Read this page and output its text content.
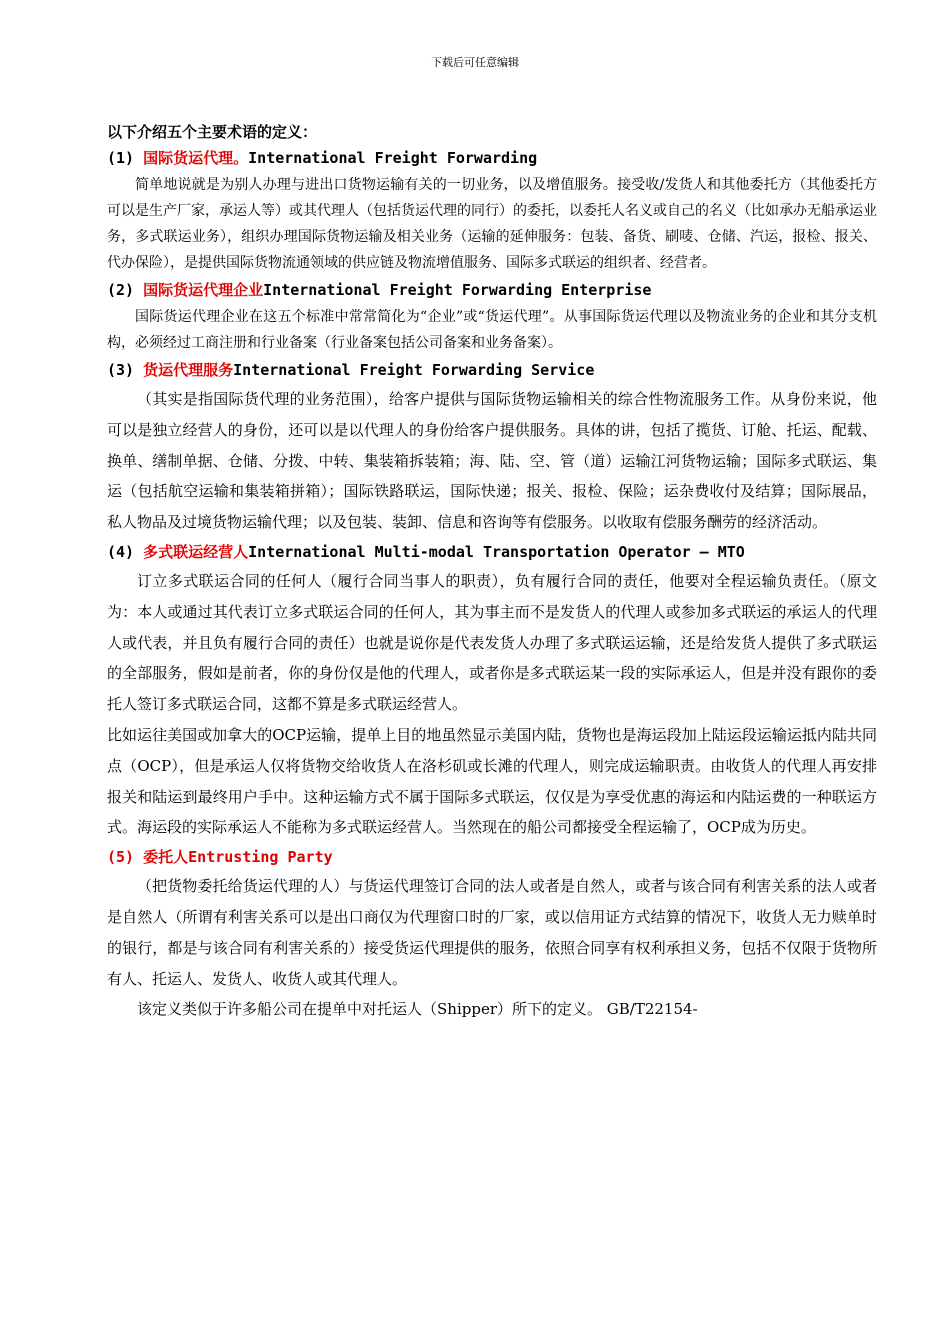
下载后可任意编辑
以下介绍五个主要术语的定义：
(1) 国际货运代理。International Freight Forwarding

简单地说就是为别人办理与进出口货物运输有关的一切业务，以及增值服务。接受收/发货人和其他委托方（其他委托方可以是生产厂家，承运人等）或其代理人（包括货运代理的同行）的委托，以委托人名义或自己的名义（比如承办无船承运业务，多式联运业务），组织办理国际货物运输及相关业务（运输的延伸服务：包装、备货、刷唛、仓储、汽运，报检、报关、代办保险），是提供国际货物流通领域的供应链及物流增值服务、国际多式联运的组织者、经营者。

(2) 国际货运代理企业International Freight Forwarding Enterprise

国际货运代理企业在这五个标准中常常简化为“企业”或“货运代理”。从事国际货运代理以及物流业务的企业和其分支机构，必须经过工商注册和行业备案（行业备案包括公司备案和业务备案）。

(3) 货运代理服务International Freight Forwarding Service

（其实是指国际货代理的业务范围），给客户提供与国际货物运输相关的综合性物流服务工作。从身份来说，他可以是独立经营人的身份，还可以是以代理人的身份给客户提供服务。具体的讲，包括了揽货、订舱、托运、配载、换单、缮制单据、仓储、分拨、中转、集装箱拆装箱；海、陆、空、管（道）运输江河货物运输；国际多式联运、集运（包括航空运输和集装箱拼箱）；国际铁路联运，国际快递；报关、报检、保险；运杂费收付及结算；国际展品，私人物品及过境货物运输代理；以及包装、装卸、信息和咨询等有偿服务。以收取有偿服务酬劳的经济活动。

(4) 多式联运经营人International Multi-modal Transportation Operator – MTO

订立多式联运合同的任何人（履行合同当事人的职责），负有履行合同的责任，他要对全程运输负责任。（原文为：本人或通过其代表订立多式联运合同的任何人，其为事主而不是发货人的代理人或参加多式联运的承运人的代理人或代表，并且负有履行合同的责任）也就是说你是代表发货人办理了多式联运运输，还是给发货人提供了多式联运的全部服务，假如是前者，你的身份仅是他的代理人，或者你是多式联运某一段的实际承运人，但是并没有跟你的委托人签订多式联运合同，这都不算是多式联运经营人。

比如运往美国或加拿大的OCP运输，提单上目的地虽然显示美国内陆，货物也是海运段加上陆运段运输运抵内陆共同点（OCP），但是承运人仅将货物交给收货人在洛杉矶或长滩的代理人，则完成运输职责。由收货人的代理人再安排报关和陆运到最终用户手中。这种运输方式不属于国际多式联运，仅仅是为享受优惠的海运和内陆运费的一种联运方式。海运段的实际承运人不能称为多式联运经营人。当然现在的船公司都接受全程运输了，OCP成为历史。

(5) 委托人Entrusting Party

（把货物委托给货运代理的人）与货运代理签订合同的法人或者是自然人，或者与该合同有利害关系的法人或者是自然人（所谓有利害关系可以是出口商仅为代理窗口时的厂家，或以信用证方式结算的情况下，收货人无力赎单时的银行，都是与该合同有利害关系的）接受货运代理提供的服务，依照合同享有权利承担义务，包括不仅限于货物所有人、托运人、发货人、收货人或其代理人。

该定义类似于许多船公司在提单中对托运人（Shipper）所下的定义。 GB/T22154-
